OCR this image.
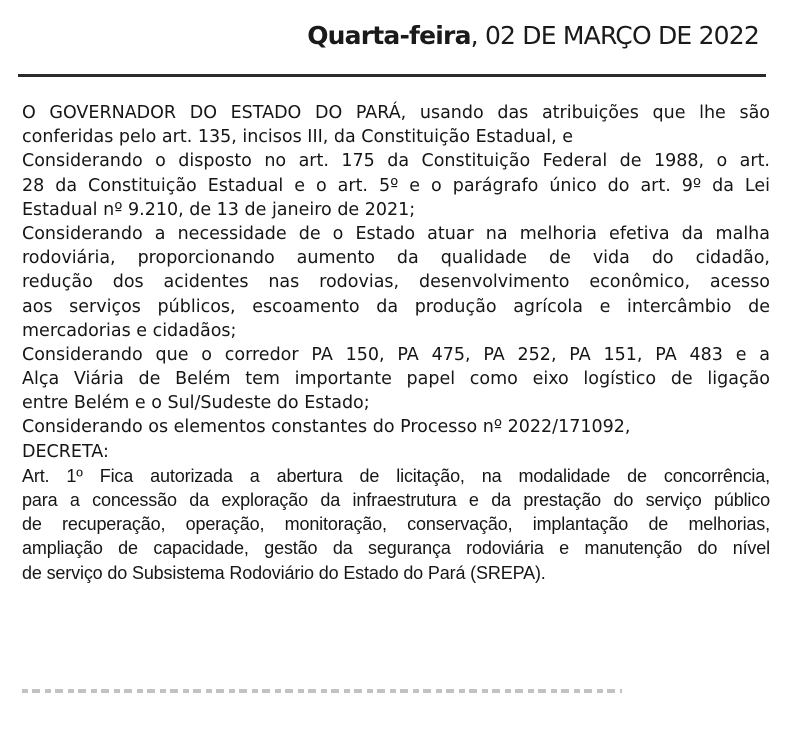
Quarta-feira, 02 DE MARÇO DE 2022
O GOVERNADOR DO ESTADO DO PARÁ, usando das atribuições que lhe são
conferidas pelo art. 135, incisos III, da Constituição Estadual, e
Considerando o disposto no art. 175 da Constituição Federal de 1988, o art.
28 da Constituição Estadual e o art. 5º e o parágrafo único do art. 9º da Lei
Estadual nº 9.210, de 13 de janeiro de 2021;
Considerando a necessidade de o Estado atuar na melhoria efetiva da malha
rodoviária, proporcionando aumento da qualidade de vida do cidadão,
redução dos acidentes nas rodovias, desenvolvimento econômico, acesso
aos serviços públicos, escoamento da produção agrícola e intercâmbio de
mercadorias e cidadãos;
Considerando que o corredor PA 150, PA 475, PA 252, PA 151, PA 483 e a
Alça Viária de Belém tem importante papel como eixo logístico de ligação
entre Belém e o Sul/Sudeste do Estado;
Considerando os elementos constantes do Processo nº 2022/171092,
DECRETA:
Art. 1º Fica autorizada a abertura de licitação, na modalidade de concorrência,
para a concessão da exploração da infraestrutura e da prestação do serviço público
de recuperação, operação, monitoração, conservação, implantação de melhorias,
ampliação de capacidade, gestão da segurança rodoviária e manutenção do nível
de serviço do Subsistema Rodoviário do Estado do Pará (SREPA).
